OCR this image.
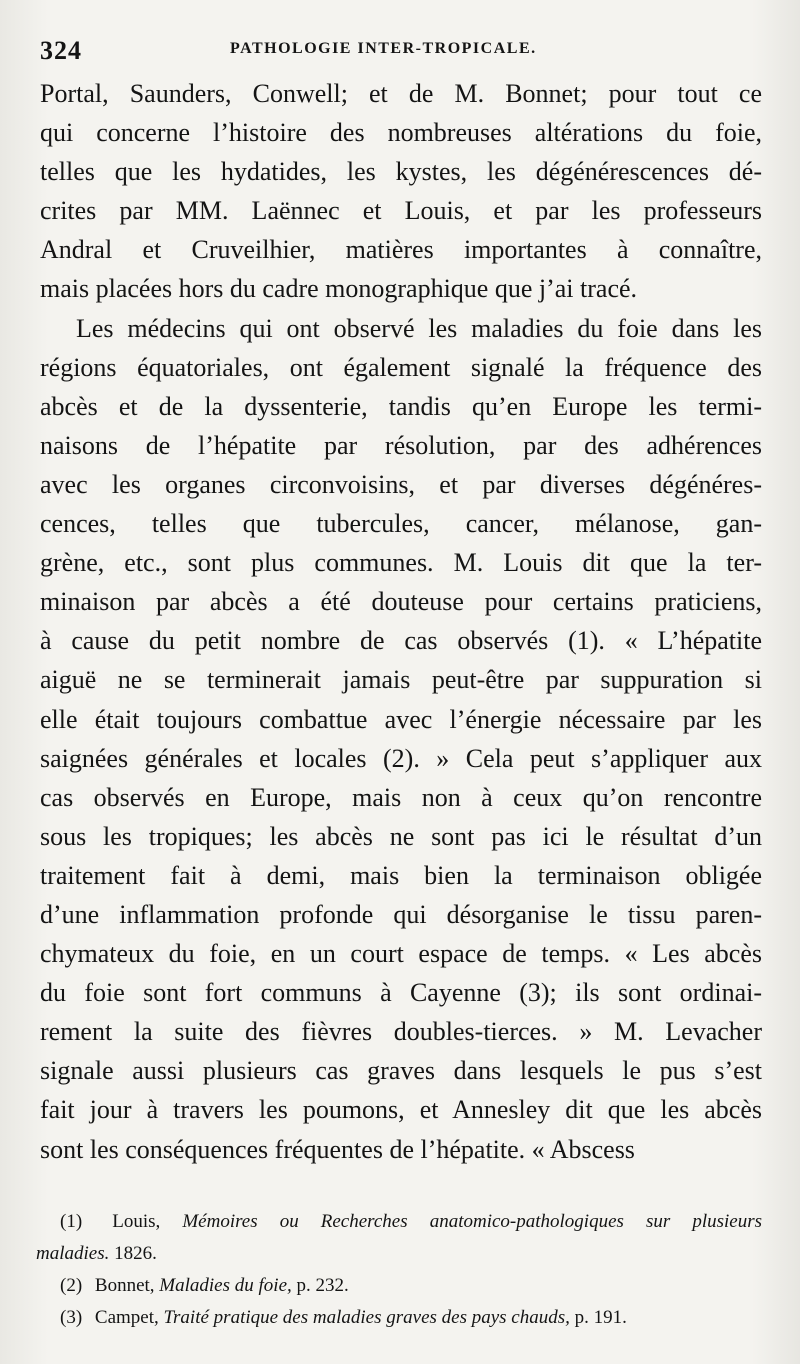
324	PATHOLOGIE INTER-TROPICALE.
Portal, Saunders, Conwell; et de M. Bonnet; pour tout ce
qui concerne l’histoire des nombreuses altérations du foie,
telles que les hydatides, les kystes, les dégénérescences dé-
crites par MM. Laënnec et Louis, et par les professeurs
Andral et Cruveilhier, matières importantes à connaître,
mais placées hors du cadre monographique que j’ai tracé.
Les médecins qui ont observé les maladies du foie dans les
régions équatoriales, ont également signalé la fréquence des
abcès et de la dyssenterie, tandis qu’en Europe les termi-
naisons de l’hépatite par résolution, par des adhérences
avec les organes circonvoisins, et par diverses dégénéres-
cences, telles que tubercules, cancer, mélanose, gan-
grène, etc., sont plus communes. M. Louis dit que la ter-
minaison par abcès a été douteuse pour certains praticiens,
à cause du petit nombre de cas observés (1). « L’hépatite
aiguë ne se terminerait jamais peut-être par suppuration si
elle était toujours combattue avec l’énergie nécessaire par les
saignées générales et locales (2). » Cela peut s’appliquer aux
cas observés en Europe, mais non à ceux qu’on rencontre
sous les tropiques; les abcès ne sont pas ici le résultat d’un
traitement fait à demi, mais bien la terminaison obligée
d’une inflammation profonde qui désorganise le tissu paren-
chymateux du foie, en un court espace de temps. « Les abcès
du foie sont fort communs à Cayenne (3); ils sont ordinai-
rement la suite des fièvres doubles-tierces. » M. Levacher
signale aussi plusieurs cas graves dans lesquels le pus s’est
fait jour à travers les poumons, et Annesley dit que les abcès
sont les conséquences fréquentes de l’hépatite. « Abscess
(1) Louis, Mémoires ou Recherches anatomico-pathologiques sur plusieurs
maladies. 1826.
(2) Bonnet, Maladies du foie, p. 232.
(3) Campet, Traité pratique des maladies graves des pays chauds, p. 191.
